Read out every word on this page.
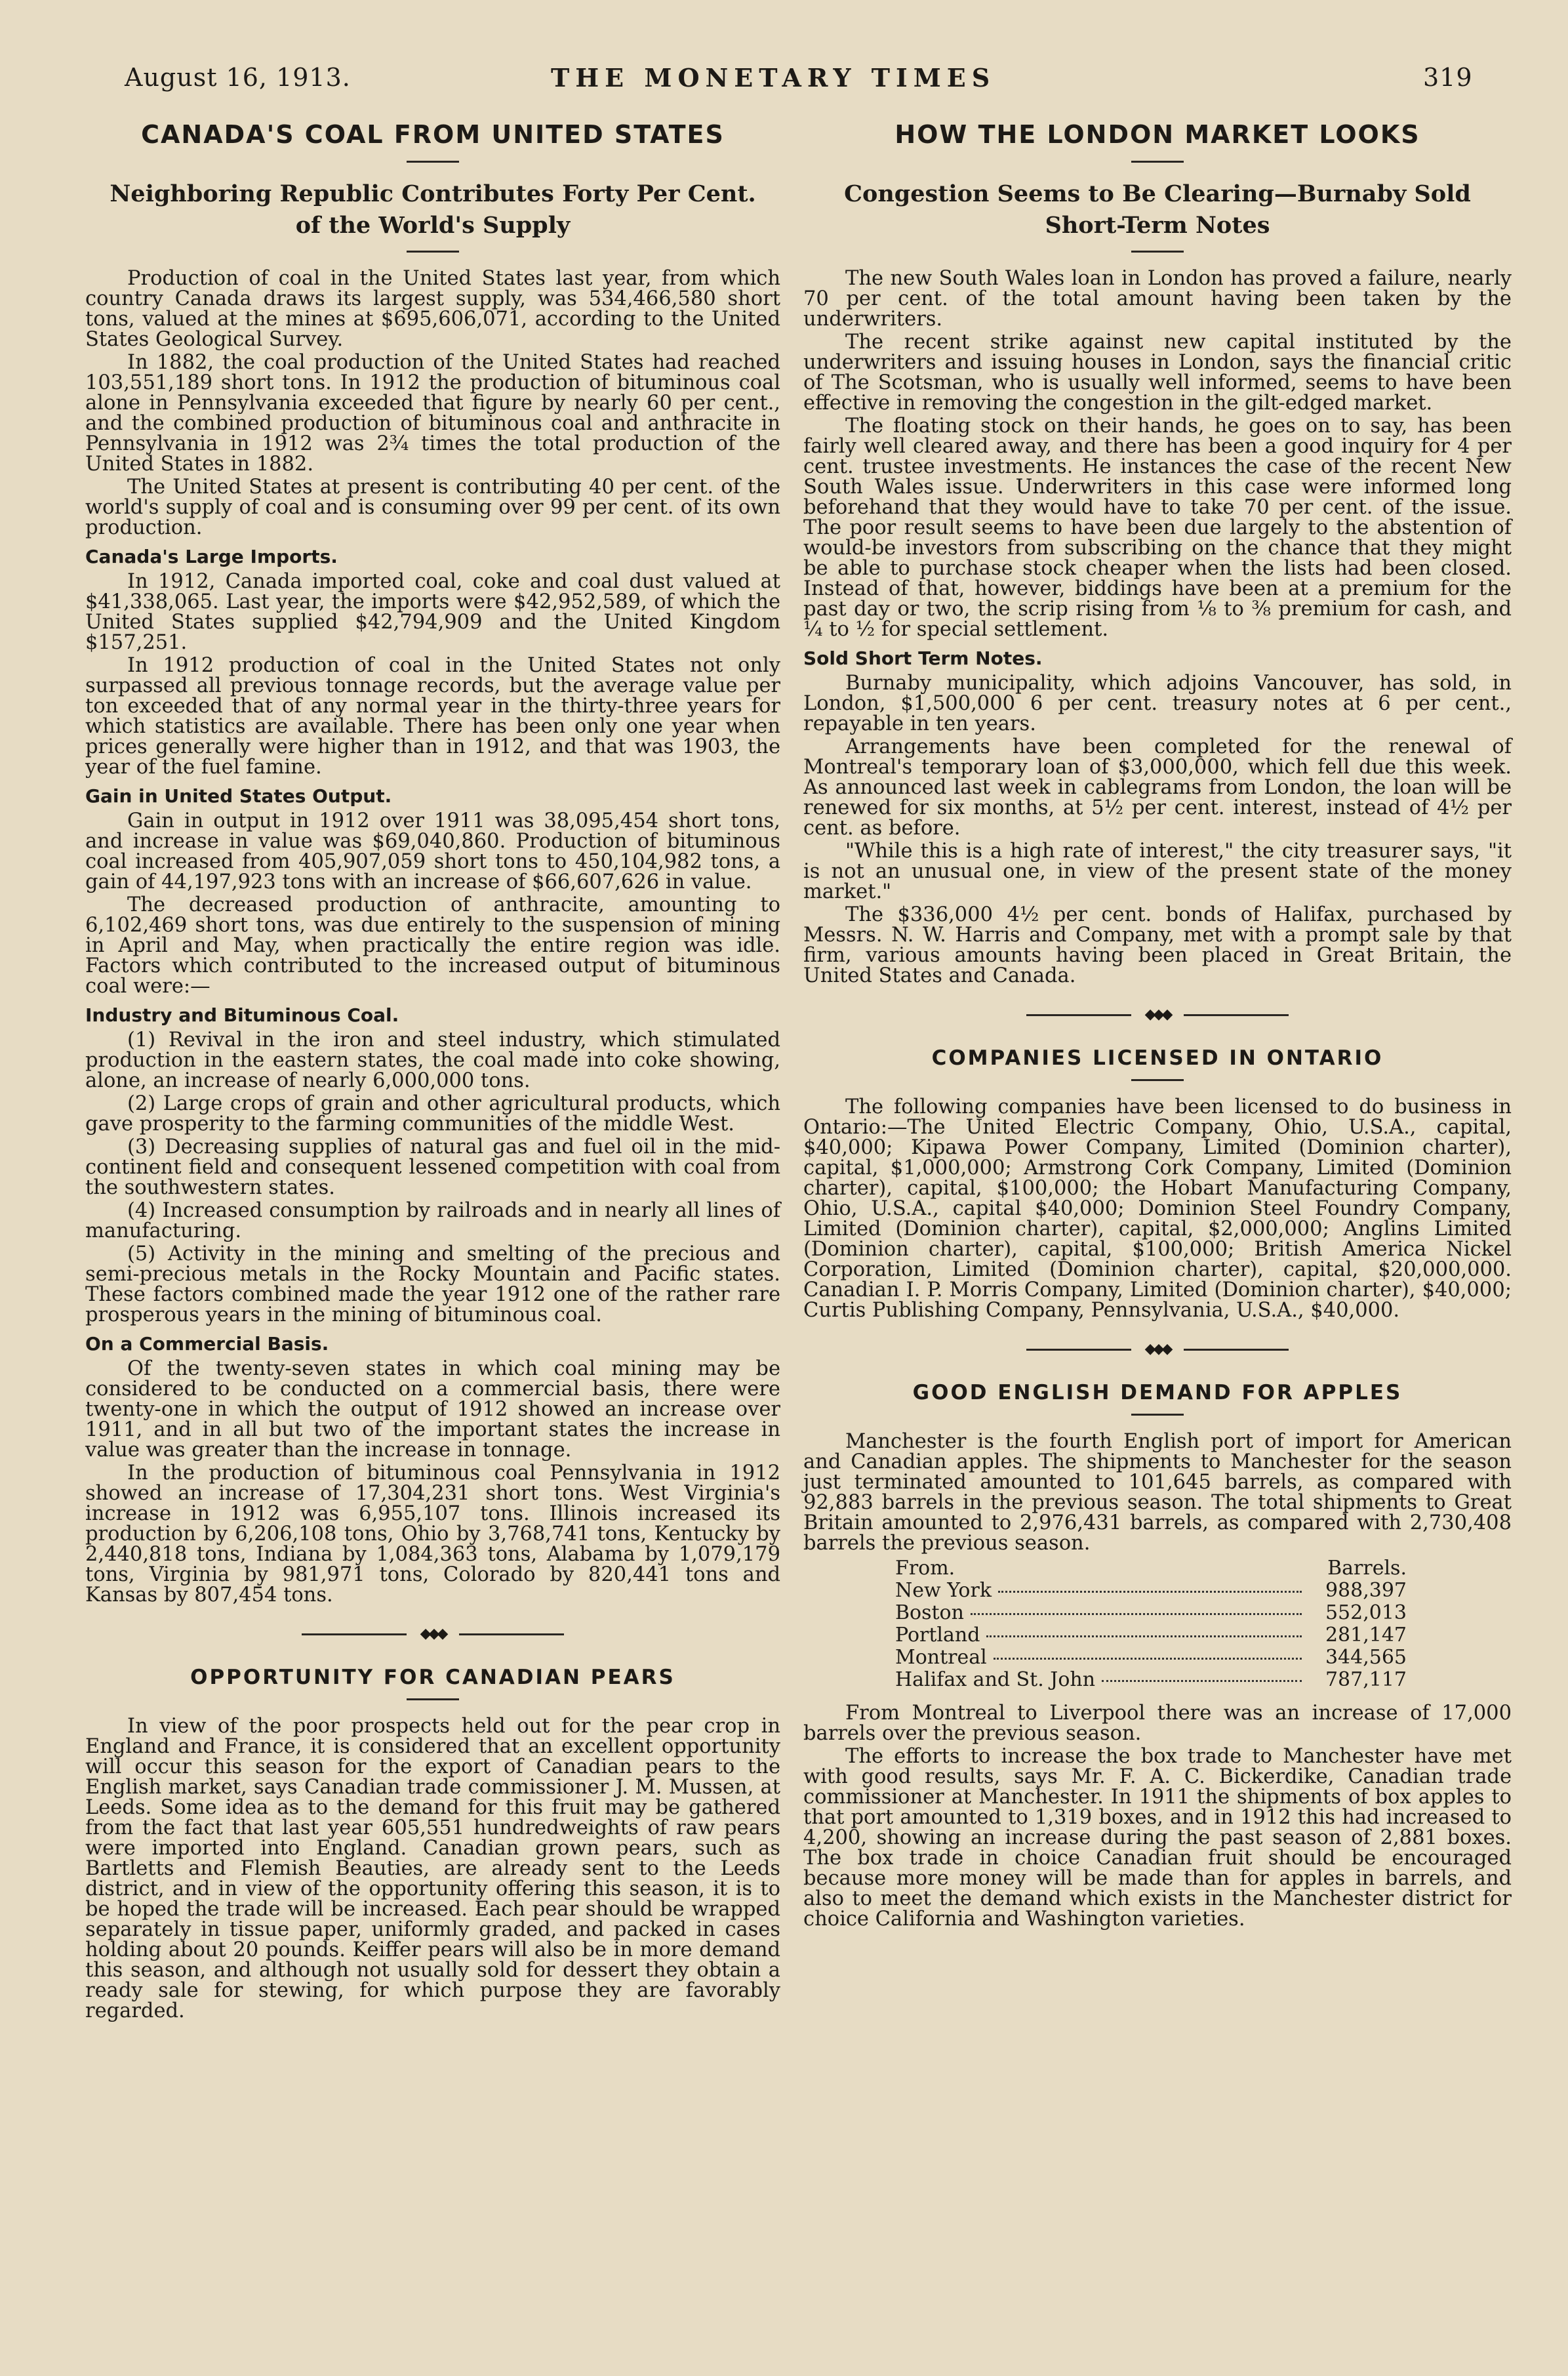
August 16, 1913.	THE MONETARY TIMES	319
CANADA'S COAL FROM UNITED STATES
Neighboring Republic Contributes Forty Per Cent. of the World's Supply

Production of coal in the United States last year, from which country Canada draws its largest supply, was 534,466,580 short tons, valued at the mines at $695,606,071, according to the United States Geological Survey.

In 1882, the coal production of the United States had reached 103,551,189 short tons. In 1912 the production of bituminous coal alone in Pennsylvania exceeded that figure by nearly 60 per cent., and the combined production of bituminous coal and anthracite in Pennsylvania in 1912 was 2¾ times the total production of the United States in 1882.

The United States at present is contributing 40 per cent. of the world's supply of coal and is consuming over 99 per cent. of its own production.

Canada's Large Imports.

In 1912, Canada imported coal, coke and coal dust valued at $41,338,065. Last year, the imports were $42,952,589, of which the United States supplied $42,794,909 and the United Kingdom $157,251.

In 1912 production of coal in the United States not only surpassed all previous tonnage records, but the average value per ton exceeded that of any normal year in the thirty-three years for which statistics are available. There has been only one year when prices generally were higher than in 1912, and that was 1903, the year of the fuel famine.

Gain in United States Output.

Gain in output in 1912 over 1911 was 38,095,454 short tons, and increase in value was $69,040,860. Production of bituminous coal increased from 405,907,059 short tons to 450,104,982 tons, a gain of 44,197,923 tons with an increase of $66,607,626 in value.

The decreased production of anthracite, amounting to 6,102,469 short tons, was due entirely to the suspension of mining in April and May, when practically the entire region was idle. Factors which contributed to the increased output of bituminous coal were:—

Industry and Bituminous Coal.

(1) Revival in the iron and steel industry, which stimulated production in the eastern states, the coal made into coke showing, alone, an increase of nearly 6,000,000 tons.

(2) Large crops of grain and other agricultural products, which gave prosperity to the farming communities of the middle West.

(3) Decreasing supplies of natural gas and fuel oil in the mid-continent field and consequent lessened competition with coal from the southwestern states.

(4) Increased consumption by railroads and in nearly all lines of manufacturing.

(5) Activity in the mining and smelting of the precious and semi-precious metals in the Rocky Mountain and Pacific states. These factors combined made the year 1912 one of the rather rare prosperous years in the mining of bituminous coal.

On a Commercial Basis.

Of the twenty-seven states in which coal mining may be considered to be conducted on a commercial basis, there were twenty-one in which the output of 1912 showed an increase over 1911, and in all but two of the important states the increase in value was greater than the increase in tonnage.

In the production of bituminous coal Pennsylvania in 1912 showed an increase of 17,304,231 short tons. West Virginia's increase in 1912 was 6,955,107 tons. Illinois increased its production by 6,206,108 tons, Ohio by 3,768,741 tons, Kentucky by 2,440,818 tons, Indiana by 1,084,363 tons, Alabama by 1,079,179 tons, Virginia by 981,971 tons, Colorado by 820,441 tons and Kansas by 807,454 tons.

◆◆◆
OPPORTUNITY FOR CANADIAN PEARS

In view of the poor prospects held out for the pear crop in England and France, it is considered that an excellent opportunity will occur this season for the export of Canadian pears to the English market, says Canadian trade commissioner J. M. Mussen, at Leeds. Some idea as to the demand for this fruit may be gathered from the fact that last year 605,551 hundredweights of raw pears were imported into England. Canadian grown pears, such as Bartletts and Flemish Beauties, are already sent to the Leeds district, and in view of the opportunity offering this season, it is to be hoped the trade will be increased. Each pear should be wrapped separately in tissue paper, uniformly graded, and packed in cases holding about 20 pounds. Keiffer pears will also be in more demand this season, and although not usually sold for dessert they obtain a ready sale for stewing, for which purpose they are favorably regarded.

HOW THE LONDON MARKET LOOKS
Congestion Seems to Be Clearing—Burnaby Sold Short-Term Notes

The new South Wales loan in London has proved a failure, nearly 70 per cent. of the total amount having been taken by the underwriters.

The recent strike against new capital instituted by the underwriters and issuing houses in London, says the financial critic of The Scotsman, who is usually well informed, seems to have been effective in removing the congestion in the gilt-edged market.

The floating stock on their hands, he goes on to say, has been fairly well cleared away, and there has been a good inquiry for 4 per cent. trustee investments. He instances the case of the recent New South Wales issue. Underwriters in this case were informed long beforehand that they would have to take 70 per cent. of the issue. The poor result seems to have been due largely to the abstention of would-be investors from subscribing on the chance that they might be able to purchase stock cheaper when the lists had been closed. Instead of that, however, biddings have been at a premium for the past day or two, the scrip rising from ⅛ to ⅜ premium for cash, and ¼ to ½ for special settlement.

Sold Short Term Notes.

Burnaby municipality, which adjoins Vancouver, has sold, in London, $1,500,000 6 per cent. treasury notes at 6 per cent., repayable in ten years.

Arrangements have been completed for the renewal of Montreal's temporary loan of $3,000,000, which fell due this week. As announced last week in cablegrams from London, the loan will be renewed for six months, at 5½ per cent. interest, instead of 4½ per cent. as before.

"While this is a high rate of interest," the city treasurer says, "it is not an unusual one, in view of the present state of the money market."

The $336,000 4½ per cent. bonds of Halifax, purchased by Messrs. N. W. Harris and Company, met with a prompt sale by that firm, various amounts having been placed in Great Britain, the United States and Canada.

◆◆◆
COMPANIES LICENSED IN ONTARIO

The following companies have been licensed to do business in Ontario:—The United Electric Company, Ohio, U.S.A., capital, $40,000; Kipawa Power Company, Limited (Dominion charter), capital, $1,000,000; Armstrong Cork Company, Limited (Dominion charter), capital, $100,000; the Hobart Manufacturing Company, Ohio, U.S.A., capital $40,000; Dominion Steel Foundry Company, Limited (Dominion charter), capital, $2,000,000; Anglins Limited (Dominion charter), capital, $100,000; British America Nickel Corporation, Limited (Dominion charter), capital, $20,000,000. Canadian I. P. Morris Company, Limited (Dominion charter), $40,000; Curtis Publishing Company, Pennsylvania, U.S.A., $40,000.

◆◆◆
GOOD ENGLISH DEMAND FOR APPLES

Manchester is the fourth English port of import for American and Canadian apples. The shipments to Manchester for the season just terminated amounted to 101,645 barrels, as compared with 92,883 barrels in the previous season. The total shipments to Great Britain amounted to 2,976,431 barrels, as compared with 2,730,408 barrels the previous season.

From.	Barrels.
New York	988,397
Boston	552,013
Portland	281,147
Montreal	344,565
Halifax and St. John	787,117

From Montreal to Liverpool there was an increase of 17,000 barrels over the previous season.

The efforts to increase the box trade to Manchester have met with good results, says Mr. F. A. C. Bickerdike, Canadian trade commissioner at Manchester. In 1911 the shipments of box apples to that port amounted to 1,319 boxes, and in 1912 this had increased to 4,200, showing an increase during the past season of 2,881 boxes. The box trade in choice Canadian fruit should be encouraged because more money will be made than for apples in barrels, and also to meet the demand which exists in the Manchester district for choice California and Washington varieties.
